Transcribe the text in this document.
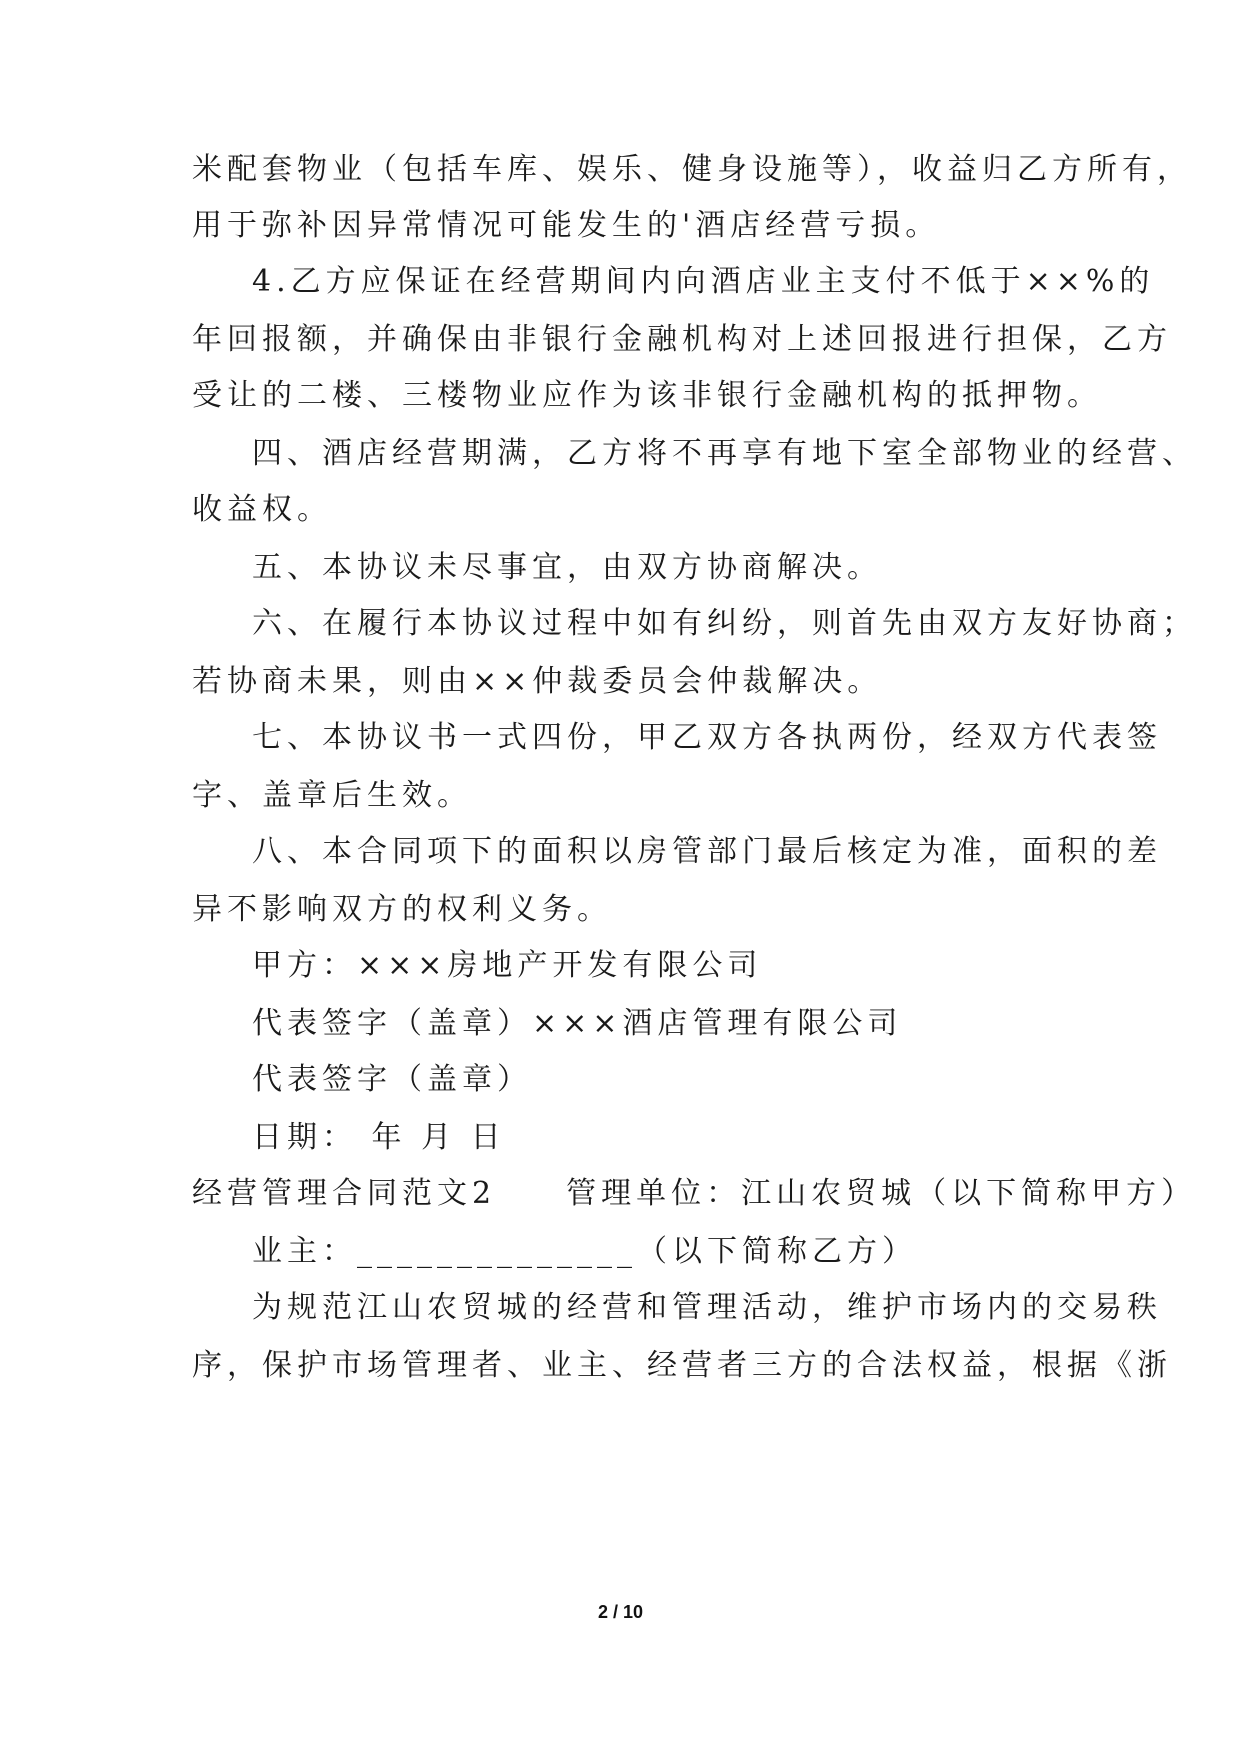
米配套物业（包括车库、娱乐、健身设施等），收益归乙方所有，
用于弥补因异常情况可能发生的'酒店经营亏损。
4.乙方应保证在经营期间内向酒店业主支付不低于××%的
年回报额，并确保由非银行金融机构对上述回报进行担保，乙方
受让的二楼、三楼物业应作为该非银行金融机构的抵押物。
四、酒店经营期满，乙方将不再享有地下室全部物业的经营、
收益权。
五、本协议未尽事宜，由双方协商解决。
六、在履行本协议过程中如有纠纷，则首先由双方友好协商；
若协商未果，则由××仲裁委员会仲裁解决。
七、本协议书一式四份，甲乙双方各执两份，经双方代表签
字、盖章后生效。
八、本合同项下的面积以房管部门最后核定为准，面积的差
异不影响双方的权利义务。
甲方：×××房地产开发有限公司
代表签字（盖章）×××酒店管理有限公司
代表签字（盖章）
日期： 年 月 日
经营管理合同范文2　　管理单位：江山农贸城（以下简称甲方）
业主：______________（以下简称乙方）
为规范江山农贸城的经营和管理活动，维护市场内的交易秩
序，保护市场管理者、业主、经营者三方的合法权益，根据《浙
2 / 10
